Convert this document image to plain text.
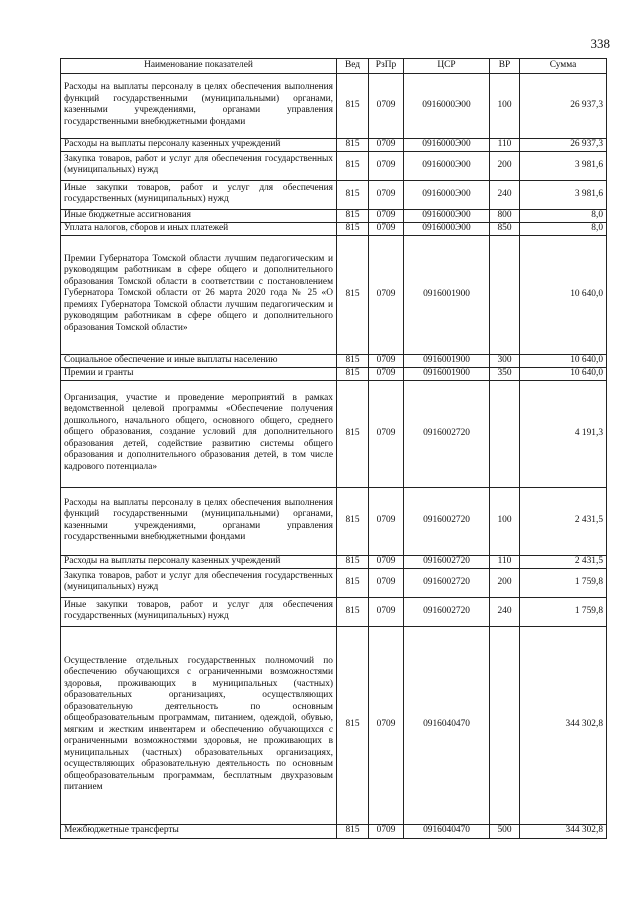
338
Наименование показателей	Вед	РзПр	ЦСР	ВР	Сумма
Расходы на выплаты персоналу в целях обеспечения выполнения функций государственными (муниципальными) органами, казенными учреждениями, органами управления государственными внебюджетными фондами	815	0709	0916000Э00	100	26 937,3
Расходы на выплаты персоналу казенных учреждений	815	0709	0916000Э00	110	26 937,3
Закупка товаров, работ и услуг для обеспечения государственных (муниципальных) нужд	815	0709	0916000Э00	200	3 981,6
Иные закупки товаров, работ и услуг для обеспечения государственных (муниципальных) нужд	815	0709	0916000Э00	240	3 981,6
Иные бюджетные ассигнования	815	0709	0916000Э00	800	8,0
Уплата налогов, сборов и иных платежей	815	0709	0916000Э00	850	8,0
Премии Губернатора Томской области лучшим педагогическим и руководящим работникам в сфере общего и дополнительного образования Томской области в соответствии с постановлением Губернатора Томской области от 26 марта 2020 года № 25 «О премиях Губернатора Томской области лучшим педагогическим и руководящим работникам в сфере общего и дополнительного образования Томской области»	815	0709	0916001900		10 640,0
Социальное обеспечение и иные выплаты населению	815	0709	0916001900	300	10 640,0
Премии и гранты	815	0709	0916001900	350	10 640,0
Организация, участие и проведение мероприятий в рамках ведомственной целевой программы «Обеспечение получения дошкольного, начального общего, основного общего, среднего общего образования, создание условий для дополнительного образования детей, содействие развитию системы общего образования и дополнительного образования детей, в том числе кадрового потенциала»	815	0709	0916002720		4 191,3
Расходы на выплаты персоналу в целях обеспечения выполнения функций государственными (муниципальными) органами, казенными учреждениями, органами управления государственными внебюджетными фондами	815	0709	0916002720	100	2 431,5
Расходы на выплаты персоналу казенных учреждений	815	0709	0916002720	110	2 431,5
Закупка товаров, работ и услуг для обеспечения государственных (муниципальных) нужд	815	0709	0916002720	200	1 759,8
Иные закупки товаров, работ и услуг для обеспечения государственных (муниципальных) нужд	815	0709	0916002720	240	1 759,8
Осуществление отдельных государственных полномочий по обеспечению обучающихся с ограниченными возможностями здоровья, проживающих в муниципальных (частных) образовательных организациях, осуществляющих образовательную деятельность по основным общеобразовательным программам, питанием, одеждой, обувью, мягким и жестким инвентарем и обеспечению обучающихся с ограниченными возможностями здоровья, не проживающих в муниципальных (частных) образовательных организациях, осуществляющих образовательную деятельность по основным общеобразовательным программам, бесплатным двухразовым питанием	815	0709	0916040470		344 302,8
Межбюджетные трансферты	815	0709	0916040470	500	344 302,8
